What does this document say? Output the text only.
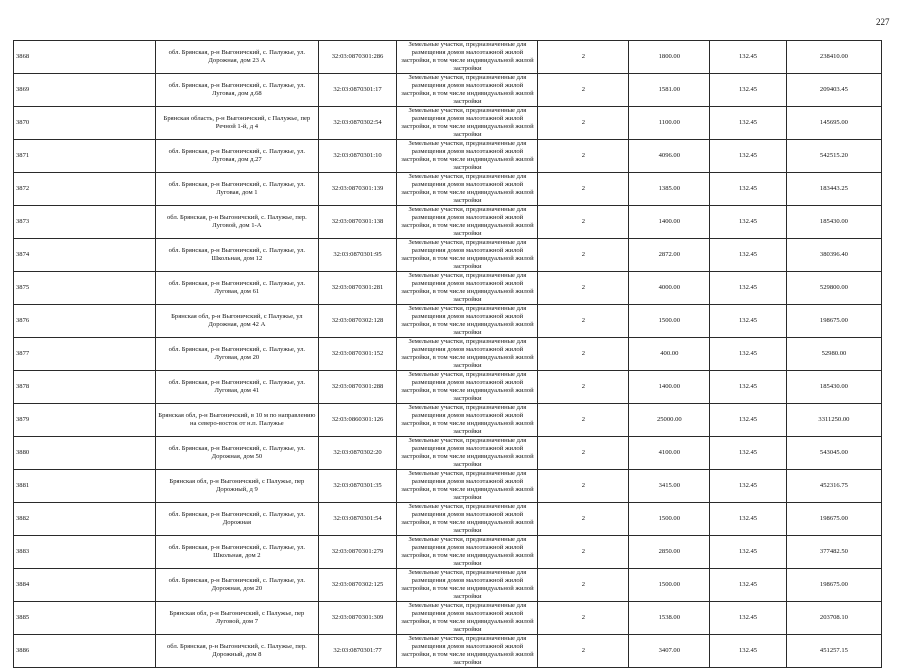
227
3868	обл. Брянская, р-н Выгоничский, с. Палужье, ул. Дорожная, дом 23 А	32:03:0870301:286	Земельные участки, предназначенные для размещения домов малоэтажной жилой застройки, в том числе индивидуальной жилой застройки	2	1800.00	132.45	238410.00
3869	обл. Брянская, р-н Выгоничский, с. Палужье, ул. Луговая, дом д.68	32:03:0870301:17	Земельные участки, предназначенные для размещения домов малоэтажной жилой застройки, в том числе индивидуальной жилой застройки	2	1581.00	132.45	209403.45
3870	Брянская область, р-н Выгоничский, с Палужье, пер Речной 1-й, д 4	32:03:0870302:54	Земельные участки, предназначенные для размещения домов малоэтажной жилой застройки, в том числе индивидуальной жилой застройки	2	1100.00	132.45	145695.00
3871	обл. Брянская, р-н Выгоничский, с. Палужье, ул. Луговая, дом д.27	32:03:0870301:10	Земельные участки, предназначенные для размещения домов малоэтажной жилой застройки, в том числе индивидуальной жилой застройки	2	4096.00	132.45	542515.20
3872	обл. Брянская, р-н Выгоничский, с. Палужье, ул. Луговая, дом 1	32:03:0870301:139	Земельные участки, предназначенные для размещения домов малоэтажной жилой застройки, в том числе индивидуальной жилой застройки	2	1385.00	132.45	183443.25
3873	обл. Брянская, р-н Выгоничский, с. Палужье, пер. Луговой, дом 1-А	32:03:0870301:138	Земельные участки, предназначенные для размещения домов малоэтажной жилой застройки, в том числе индивидуальной жилой застройки	2	1400.00	132.45	185430.00
3874	обл. Брянская, р-н Выгоничский, с. Палужье, ул. Школьная, дом 12	32:03:0870301:95	Земельные участки, предназначенные для размещения домов малоэтажной жилой застройки, в том числе индивидуальной жилой застройки	2	2872.00	132.45	380396.40
3875	обл. Брянская, р-н Выгоничский, с. Палужье, ул. Луговая, дом 61	32:03:0870301:281	Земельные участки, предназначенные для размещения домов малоэтажной жилой застройки, в том числе индивидуальной жилой застройки	2	4000.00	132.45	529800.00
3876	Брянская обл, р-н Выгоничский, с Палужье, ул Дорожная, дом 42 А	32:03:0870302:128	Земельные участки, предназначенные для размещения домов малоэтажной жилой застройки, в том числе индивидуальной жилой застройки	2	1500.00	132.45	198675.00
3877	обл. Брянская, р-н Выгоничский, с. Палужье, ул. Луговая, дом 20	32:03:0870301:152	Земельные участки, предназначенные для размещения домов малоэтажной жилой застройки, в том числе индивидуальной жилой застройки	2	400.00	132.45	52980.00
3878	обл. Брянская, р-н Выгоничский, с. Палужье, ул. Луговая, дом 41	32:03:0870301:288	Земельные участки, предназначенные для размещения домов малоэтажной жилой застройки, в том числе индивидуальной жилой застройки	2	1400.00	132.45	185430.00
3879	Брянская обл, р-н Выгоничский, в 10 м по направлению на северо-восток от н.п. Палужье	32:03:0860301:126	Земельные участки, предназначенные для размещения домов малоэтажной жилой застройки, в том числе индивидуальной жилой застройки	2	25000.00	132.45	3311250.00
3880	обл. Брянская, р-н Выгоничский, с. Палужье, ул. Дорожная, дом 50	32:03:0870302:20	Земельные участки, предназначенные для размещения домов малоэтажной жилой застройки, в том числе индивидуальной жилой застройки	2	4100.00	132.45	543045.00
3881	Брянская обл, р-н Выгоничский, с Палужье, пер Дорожный, д 9	32:03:0870301:35	Земельные участки, предназначенные для размещения домов малоэтажной жилой застройки, в том числе индивидуальной жилой застройки	2	3415.00	132.45	452316.75
3882	обл. Брянская, р-н Выгоничский, с. Палужье, ул. Дорожная	32:03:0870301:54	Земельные участки, предназначенные для размещения домов малоэтажной жилой застройки, в том числе индивидуальной жилой застройки	2	1500.00	132.45	198675.00
3883	обл. Брянская, р-н Выгоничский, с. Палужье, ул. Школьная, дом 2	32:03:0870301:279	Земельные участки, предназначенные для размещения домов малоэтажной жилой застройки, в том числе индивидуальной жилой застройки	2	2850.00	132.45	377482.50
3884	обл. Брянская, р-н Выгоничский, с. Палужье, ул. Дорожная, дом 20	32:03:0870302:125	Земельные участки, предназначенные для размещения домов малоэтажной жилой застройки, в том числе индивидуальной жилой застройки	2	1500.00	132.45	198675.00
3885	Брянская обл, р-н Выгоничский, с Палужье, пер Луговой, дом 7	32:03:0870301:309	Земельные участки, предназначенные для размещения домов малоэтажной жилой застройки, в том числе индивидуальной жилой застройки	2	1538.00	132.45	203708.10
3886	обл. Брянская, р-н Выгоничский, с. Палужье, пер. Дорожный, дом 8	32:03:0870301:77	Земельные участки, предназначенные для размещения домов малоэтажной жилой застройки, в том числе индивидуальной жилой застройки	2	3407.00	132.45	451257.15
